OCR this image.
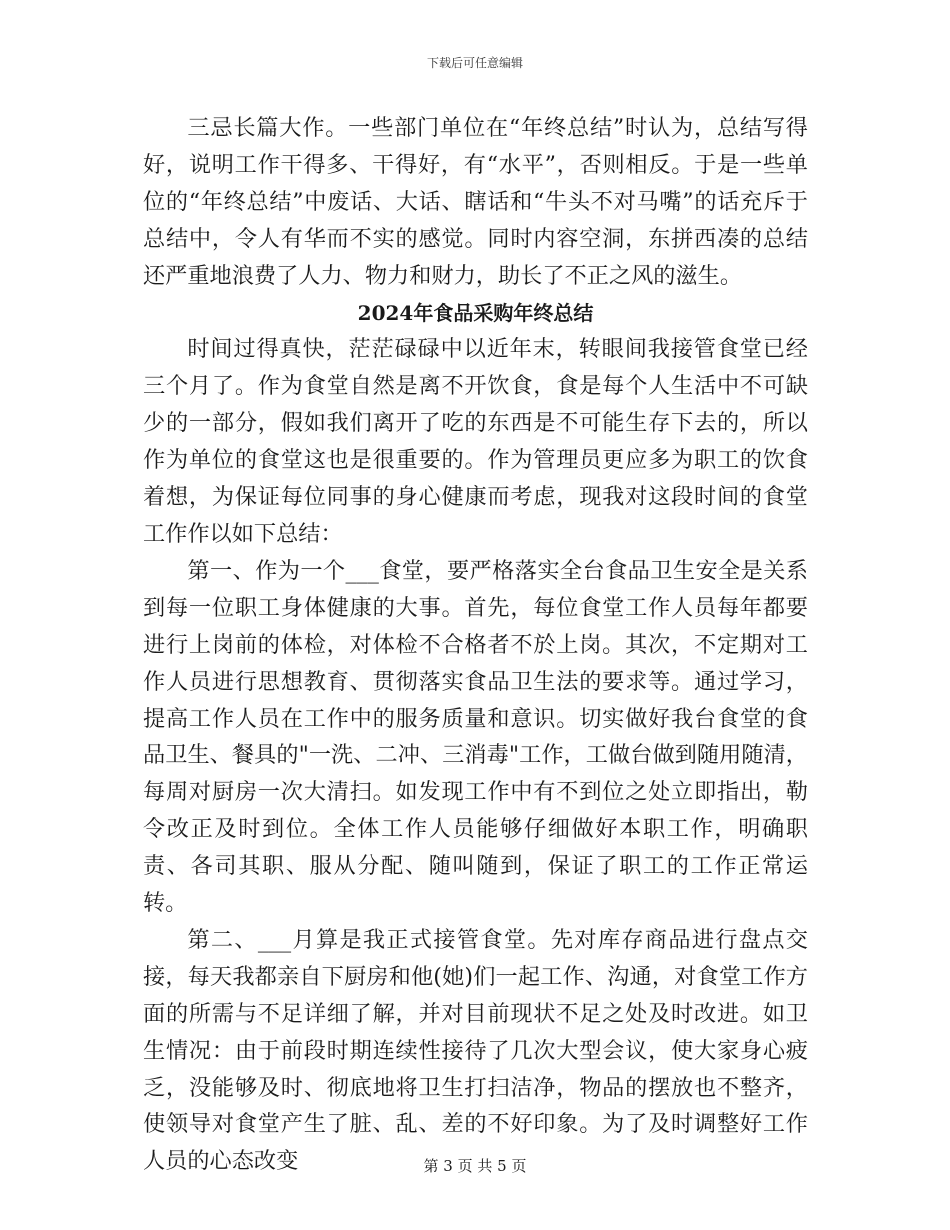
下载后可任意编辑

三忌长篇大作。一些部门单位在“年终总结”时认为，总结写得好，说明工作干得多、干得好，有“水平”，否则相反。于是一些单位的“年终总结”中废话、大话、瞎话和“牛头不对马嘴”的话充斥于总结中，令人有华而不实的感觉。同时内容空洞，东拼西凑的总结还严重地浪费了人力、物力和财力，助长了不正之风的滋生。

2024年食品采购年终总结

时间过得真快，茫茫碌碌中以近年末，转眼间我接管食堂已经三个月了。作为食堂自然是离不开饮食，食是每个人生活中不可缺少的一部分，假如我们离开了吃的东西是不可能生存下去的，所以作为单位的食堂这也是很重要的。作为管理员更应多为职工的饮食着想，为保证每位同事的身心健康而考虑，现我对这段时间的食堂工作作以如下总结：

第一、作为一个___食堂，要严格落实全台食品卫生安全是关系到每一位职工身体健康的大事。首先，每位食堂工作人员每年都要进行上岗前的体检，对体检不合格者不於上岗。其次，不定期对工作人员进行思想教育、贯彻落实食品卫生法的要求等。通过学习，提高工作人员在工作中的服务质量和意识。切实做好我台食堂的食品卫生、餐具的"一洗、二冲、三消毒"工作，工做台做到随用随清，每周对厨房一次大清扫。如发现工作中有不到位之处立即指出，勒令改正及时到位。全体工作人员能够仔细做好本职工作，明确职责、各司其职、服从分配、随叫随到，保证了职工的工作正常运转。

第二、___月算是我正式接管食堂。先对库存商品进行盘点交接，每天我都亲自下厨房和他(她)们一起工作、沟通，对食堂工作方面的所需与不足详细了解，并对目前现状不足之处及时改进。如卫生情况：由于前段时期连续性接待了几次大型会议，使大家身心疲乏，没能够及时、彻底地将卫生打扫洁净，物品的摆放也不整齐，使领导对食堂产生了脏、乱、差的不好印象。为了及时调整好工作人员的心态改变	第 3 页 共 5 页
